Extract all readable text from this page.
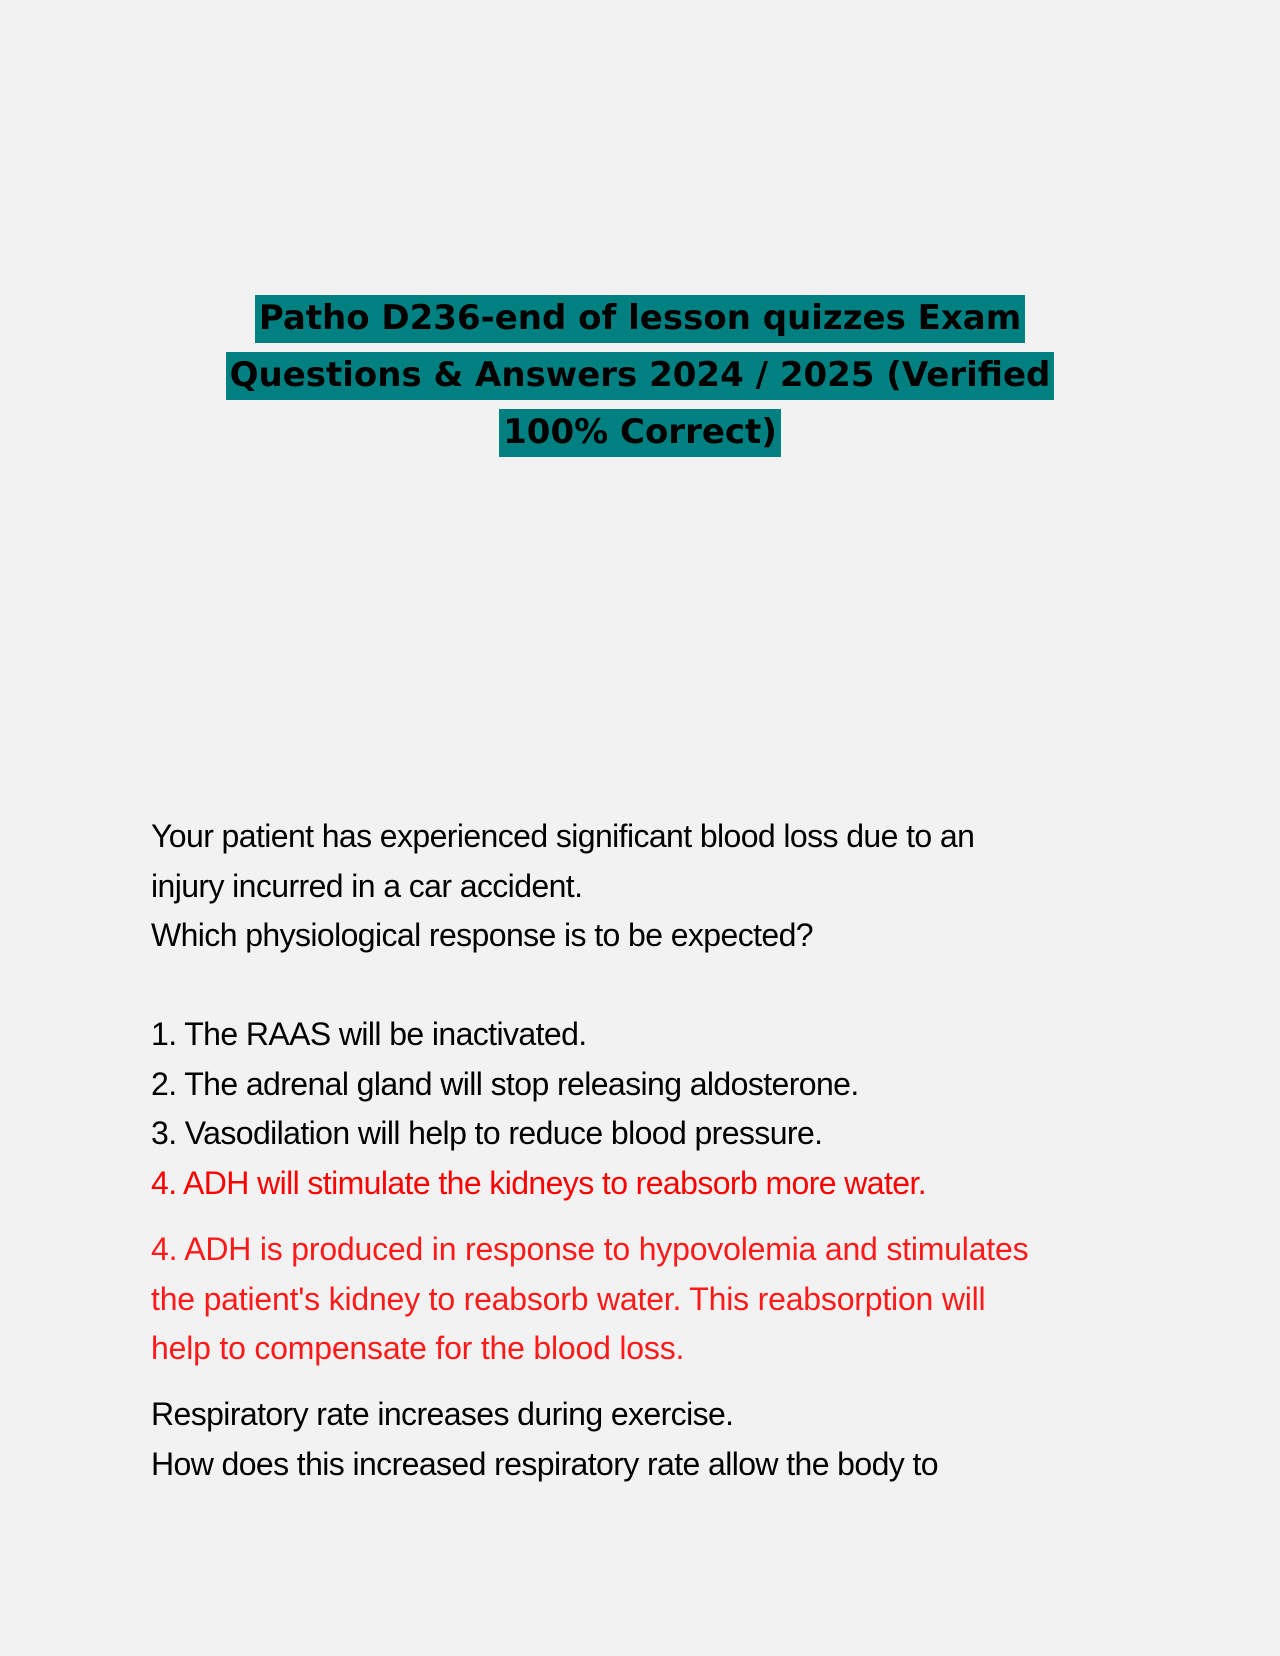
Patho D236-end of lesson quizzes Exam
Questions & Answers 2024 / 2025 (Verified
100% Correct)
Your patient has experienced significant blood loss due to an
injury incurred in a car accident.
Which physiological response is to be expected?
1. The RAAS will be inactivated.
2. The adrenal gland will stop releasing aldosterone.
3. Vasodilation will help to reduce blood pressure.
4. ADH will stimulate the kidneys to reabsorb more water.
4. ADH is produced in response to hypovolemia and stimulates
the patient's kidney to reabsorb water. This reabsorption will
help to compensate for the blood loss.
Respiratory rate increases during exercise.
How does this increased respiratory rate allow the body to
